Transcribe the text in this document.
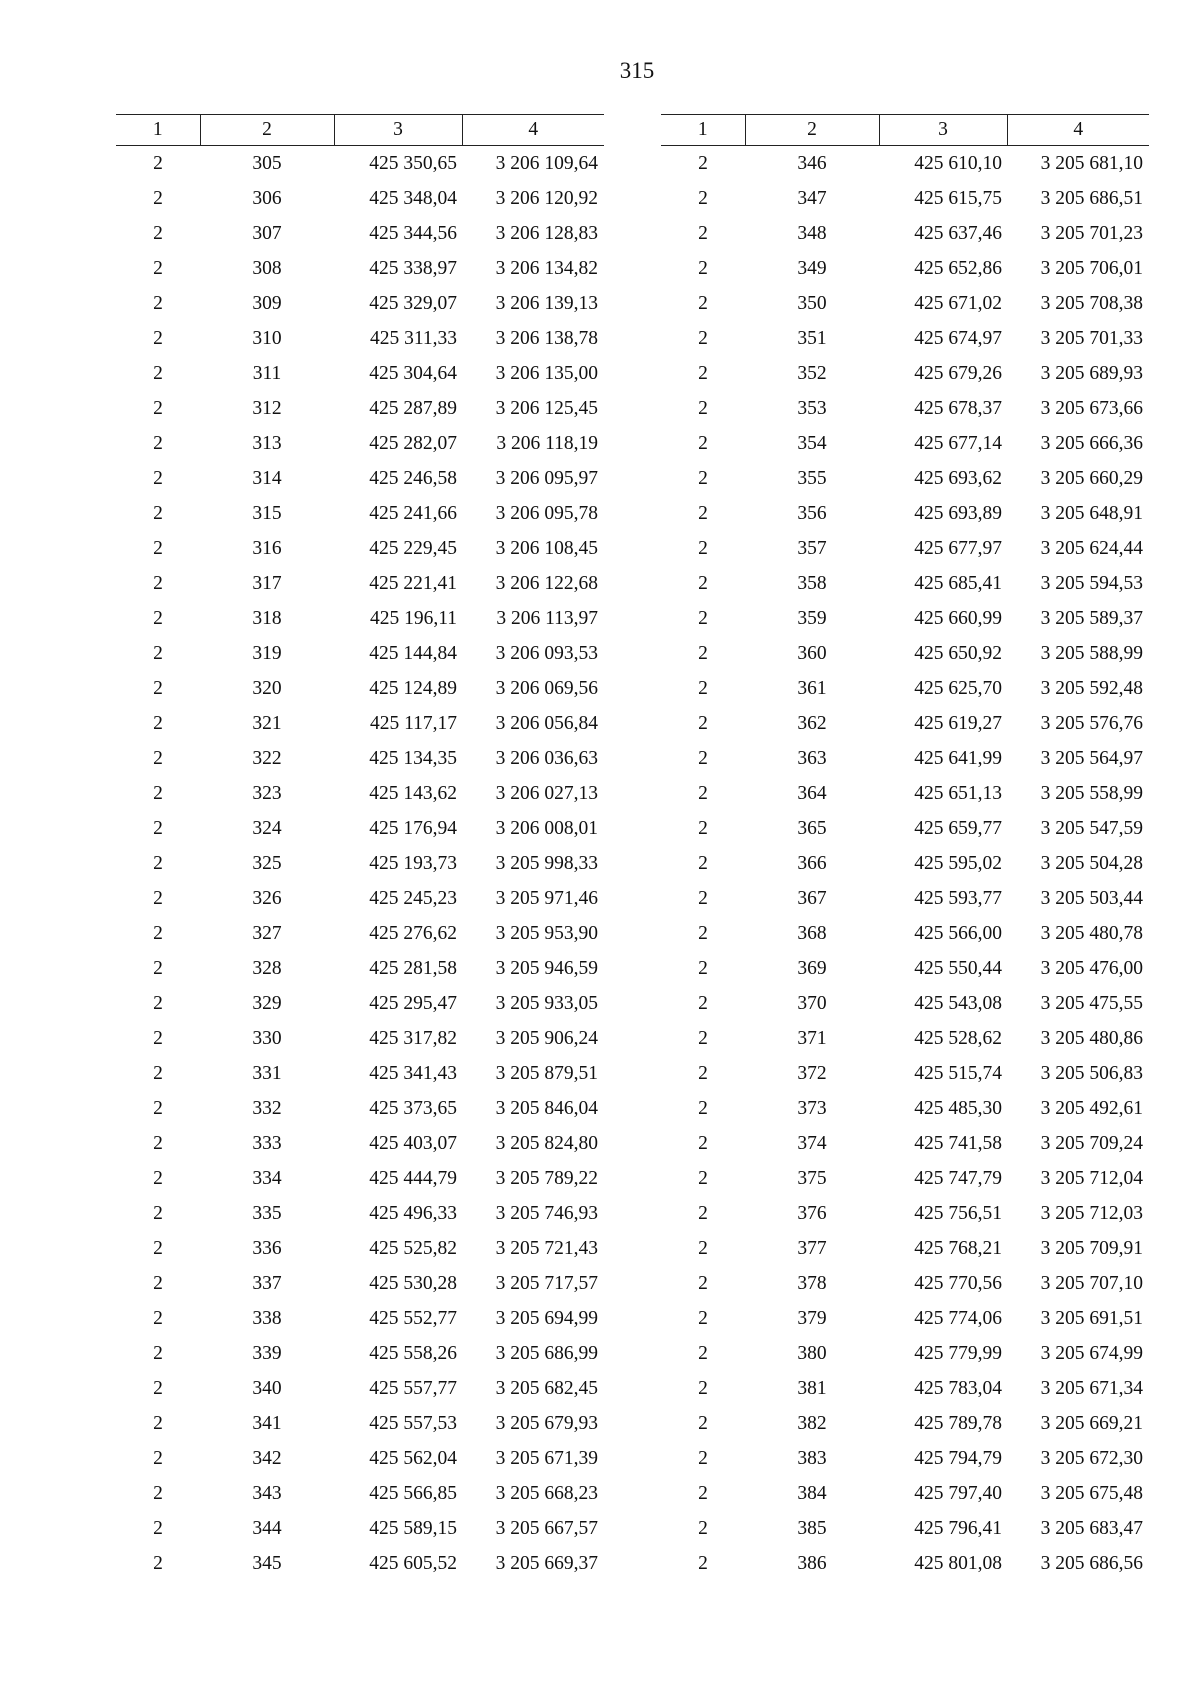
315
1	2	3	4
2	305	425 350,65	3 206 109,64
2	306	425 348,04	3 206 120,92
2	307	425 344,56	3 206 128,83
2	308	425 338,97	3 206 134,82
2	309	425 329,07	3 206 139,13
2	310	425 311,33	3 206 138,78
2	311	425 304,64	3 206 135,00
2	312	425 287,89	3 206 125,45
2	313	425 282,07	3 206 118,19
2	314	425 246,58	3 206 095,97
2	315	425 241,66	3 206 095,78
2	316	425 229,45	3 206 108,45
2	317	425 221,41	3 206 122,68
2	318	425 196,11	3 206 113,97
2	319	425 144,84	3 206 093,53
2	320	425 124,89	3 206 069,56
2	321	425 117,17	3 206 056,84
2	322	425 134,35	3 206 036,63
2	323	425 143,62	3 206 027,13
2	324	425 176,94	3 206 008,01
2	325	425 193,73	3 205 998,33
2	326	425 245,23	3 205 971,46
2	327	425 276,62	3 205 953,90
2	328	425 281,58	3 205 946,59
2	329	425 295,47	3 205 933,05
2	330	425 317,82	3 205 906,24
2	331	425 341,43	3 205 879,51
2	332	425 373,65	3 205 846,04
2	333	425 403,07	3 205 824,80
2	334	425 444,79	3 205 789,22
2	335	425 496,33	3 205 746,93
2	336	425 525,82	3 205 721,43
2	337	425 530,28	3 205 717,57
2	338	425 552,77	3 205 694,99
2	339	425 558,26	3 205 686,99
2	340	425 557,77	3 205 682,45
2	341	425 557,53	3 205 679,93
2	342	425 562,04	3 205 671,39
2	343	425 566,85	3 205 668,23
2	344	425 589,15	3 205 667,57
2	345	425 605,52	3 205 669,37
1	2	3	4
2	346	425 610,10	3 205 681,10
2	347	425 615,75	3 205 686,51
2	348	425 637,46	3 205 701,23
2	349	425 652,86	3 205 706,01
2	350	425 671,02	3 205 708,38
2	351	425 674,97	3 205 701,33
2	352	425 679,26	3 205 689,93
2	353	425 678,37	3 205 673,66
2	354	425 677,14	3 205 666,36
2	355	425 693,62	3 205 660,29
2	356	425 693,89	3 205 648,91
2	357	425 677,97	3 205 624,44
2	358	425 685,41	3 205 594,53
2	359	425 660,99	3 205 589,37
2	360	425 650,92	3 205 588,99
2	361	425 625,70	3 205 592,48
2	362	425 619,27	3 205 576,76
2	363	425 641,99	3 205 564,97
2	364	425 651,13	3 205 558,99
2	365	425 659,77	3 205 547,59
2	366	425 595,02	3 205 504,28
2	367	425 593,77	3 205 503,44
2	368	425 566,00	3 205 480,78
2	369	425 550,44	3 205 476,00
2	370	425 543,08	3 205 475,55
2	371	425 528,62	3 205 480,86
2	372	425 515,74	3 205 506,83
2	373	425 485,30	3 205 492,61
2	374	425 741,58	3 205 709,24
2	375	425 747,79	3 205 712,04
2	376	425 756,51	3 205 712,03
2	377	425 768,21	3 205 709,91
2	378	425 770,56	3 205 707,10
2	379	425 774,06	3 205 691,51
2	380	425 779,99	3 205 674,99
2	381	425 783,04	3 205 671,34
2	382	425 789,78	3 205 669,21
2	383	425 794,79	3 205 672,30
2	384	425 797,40	3 205 675,48
2	385	425 796,41	3 205 683,47
2	386	425 801,08	3 205 686,56
